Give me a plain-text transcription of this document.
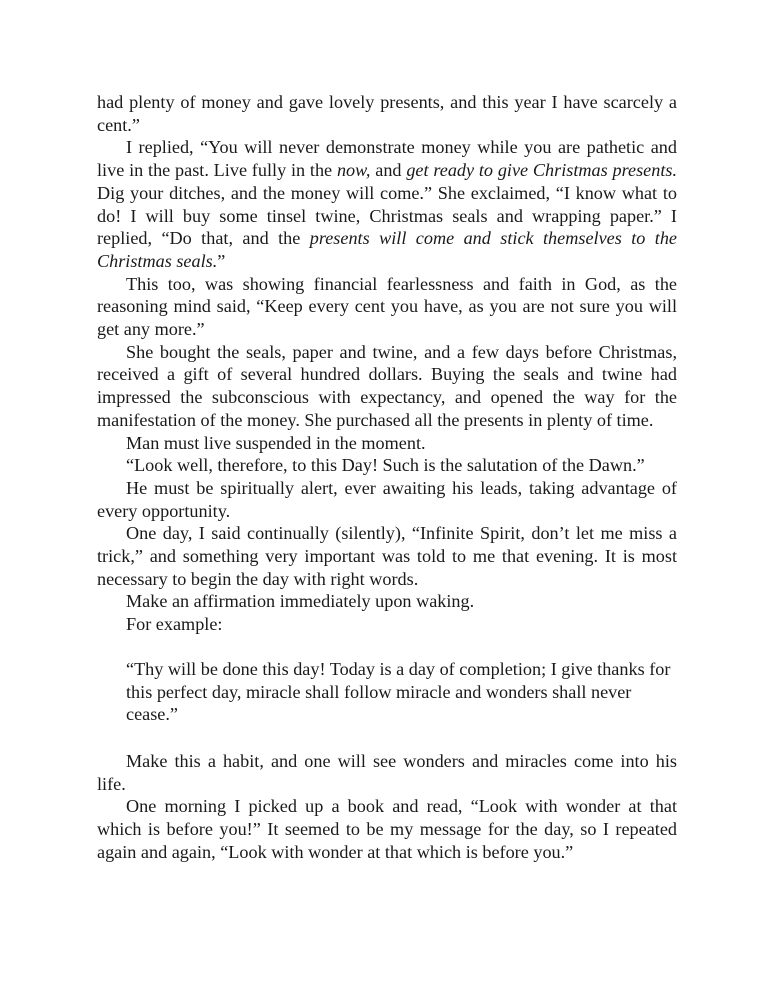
had plenty of money and gave lovely presents, and this year I have scarcely a cent.”

I replied, “You will never demonstrate money while you are pathetic and live in the past. Live fully in the now, and get ready to give Christmas presents. Dig your ditches, and the money will come.” She exclaimed, “I know what to do! I will buy some tinsel twine, Christmas seals and wrapping paper.” I replied, “Do that, and the presents will come and stick themselves to the Christmas seals.”

This too, was showing financial fearlessness and faith in God, as the reasoning mind said, “Keep every cent you have, as you are not sure you will get any more.”

She bought the seals, paper and twine, and a few days before Christmas, received a gift of several hundred dollars. Buying the seals and twine had impressed the subconscious with expectancy, and opened the way for the manifestation of the money. She purchased all the presents in plenty of time.

Man must live suspended in the moment.

“Look well, therefore, to this Day! Such is the salutation of the Dawn.”

He must be spiritually alert, ever awaiting his leads, taking advantage of every opportunity.

One day, I said continually (silently), “Infinite Spirit, don’t let me miss a trick,” and something very important was told to me that evening. It is most necessary to begin the day with right words.

Make an affirmation immediately upon waking.

For example:

“Thy will be done this day! Today is a day of completion; I give thanks for this perfect day, miracle shall follow miracle and wonders shall never cease.”

Make this a habit, and one will see wonders and miracles come into his life.

One morning I picked up a book and read, “Look with wonder at that which is before you!” It seemed to be my message for the day, so I repeated again and again, “Look with wonder at that which is before you.”
